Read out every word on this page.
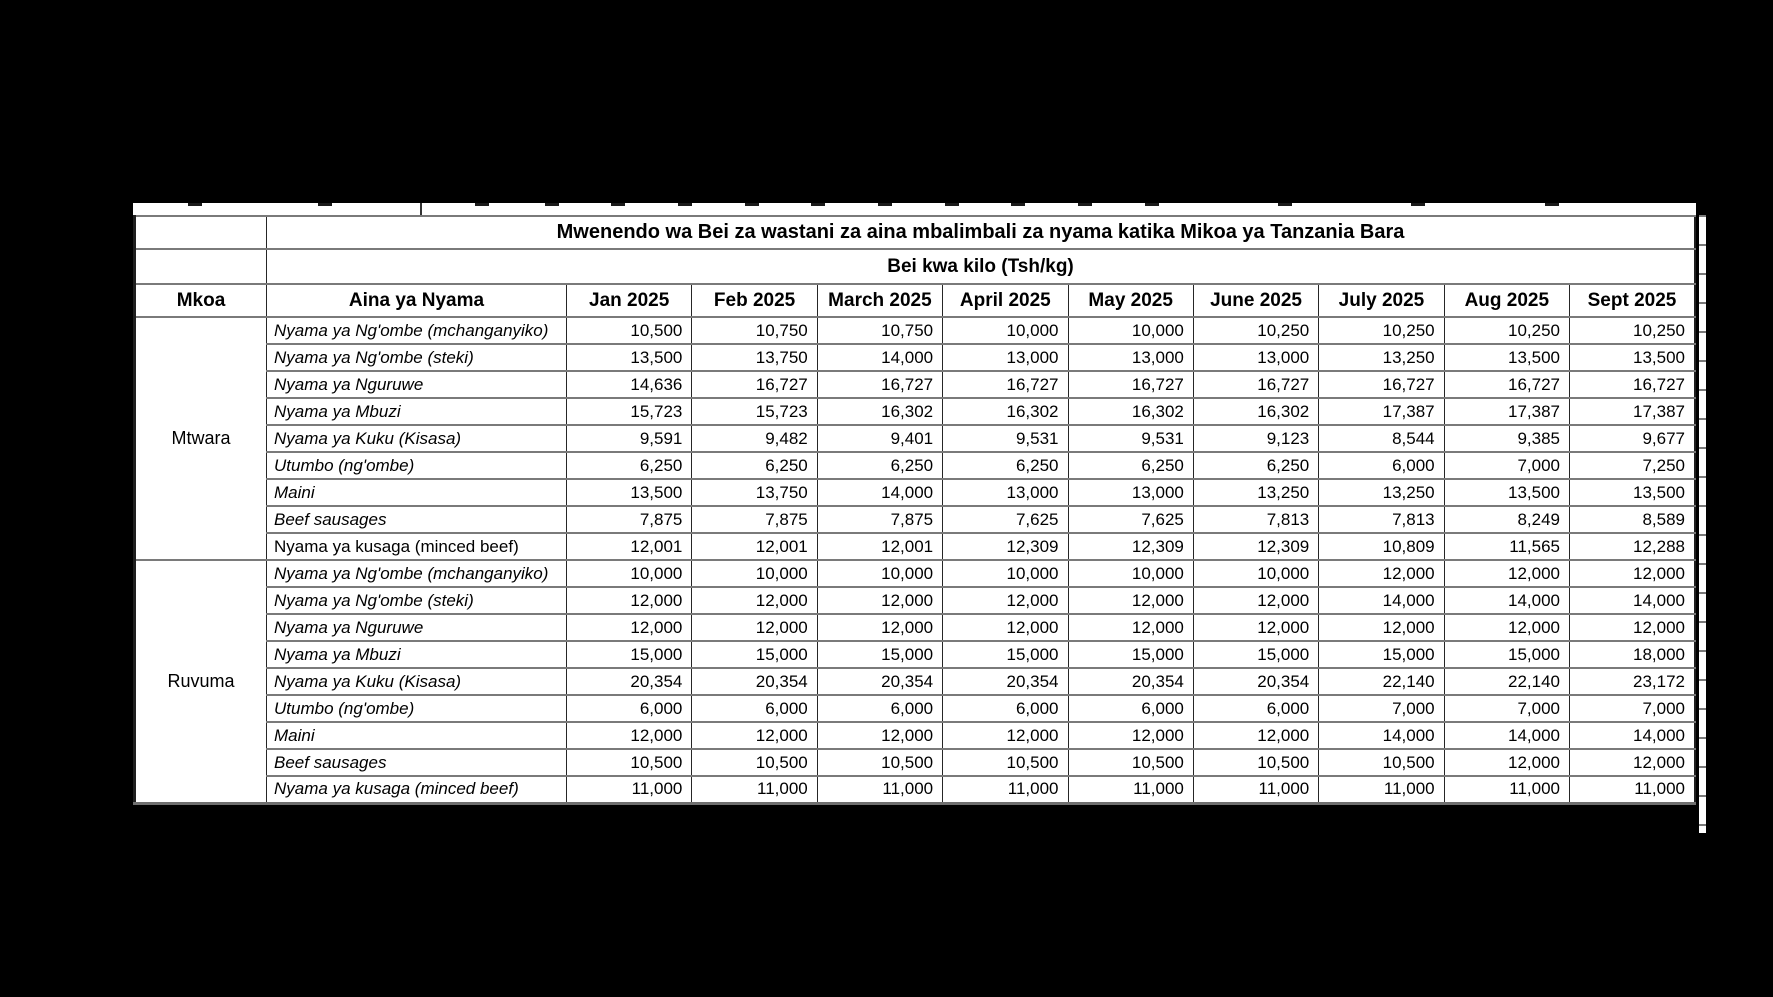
	Mwenendo wa Bei za wastani za aina mbalimbali za nyama katika Mikoa ya Tanzania Bara									
	Bei kwa kilo (Tsh/kg)									
Mkoa	Aina ya Nyama	Jan 2025	Feb 2025	March 2025	April 2025	May 2025	June 2025	July 2025	Aug 2025	Sept 2025
Mtwara	Nyama ya Ng'ombe (mchanganyiko)	10,500	10,750	10,750	10,000	10,000	10,250	10,250	10,250	10,250
	Nyama ya Ng'ombe (steki)	13,500	13,750	14,000	13,000	13,000	13,000	13,250	13,500	13,500
	Nyama ya Nguruwe	14,636	16,727	16,727	16,727	16,727	16,727	16,727	16,727	16,727
	Nyama ya Mbuzi	15,723	15,723	16,302	16,302	16,302	16,302	17,387	17,387	17,387
	Nyama ya Kuku (Kisasa)	9,591	9,482	9,401	9,531	9,531	9,123	8,544	9,385	9,677
	Utumbo (ng'ombe)	6,250	6,250	6,250	6,250	6,250	6,250	6,000	7,000	7,250
	Maini	13,500	13,750	14,000	13,000	13,000	13,250	13,250	13,500	13,500
	Beef sausages	7,875	7,875	7,875	7,625	7,625	7,813	7,813	8,249	8,589
	Nyama ya kusaga (minced beef)	12,001	12,001	12,001	12,309	12,309	12,309	10,809	11,565	12,288
Ruvuma	Nyama ya Ng'ombe (mchanganyiko)	10,000	10,000	10,000	10,000	10,000	10,000	12,000	12,000	12,000
	Nyama ya Ng'ombe (steki)	12,000	12,000	12,000	12,000	12,000	12,000	14,000	14,000	14,000
	Nyama ya Nguruwe	12,000	12,000	12,000	12,000	12,000	12,000	12,000	12,000	12,000
	Nyama ya Mbuzi	15,000	15,000	15,000	15,000	15,000	15,000	15,000	15,000	18,000
	Nyama ya Kuku (Kisasa)	20,354	20,354	20,354	20,354	20,354	20,354	22,140	22,140	23,172
	Utumbo (ng'ombe)	6,000	6,000	6,000	6,000	6,000	6,000	7,000	7,000	7,000
	Maini	12,000	12,000	12,000	12,000	12,000	12,000	14,000	14,000	14,000
	Beef sausages	10,500	10,500	10,500	10,500	10,500	10,500	10,500	12,000	12,000
	Nyama ya kusaga (minced beef)	11,000	11,000	11,000	11,000	11,000	11,000	11,000	11,000	11,000
